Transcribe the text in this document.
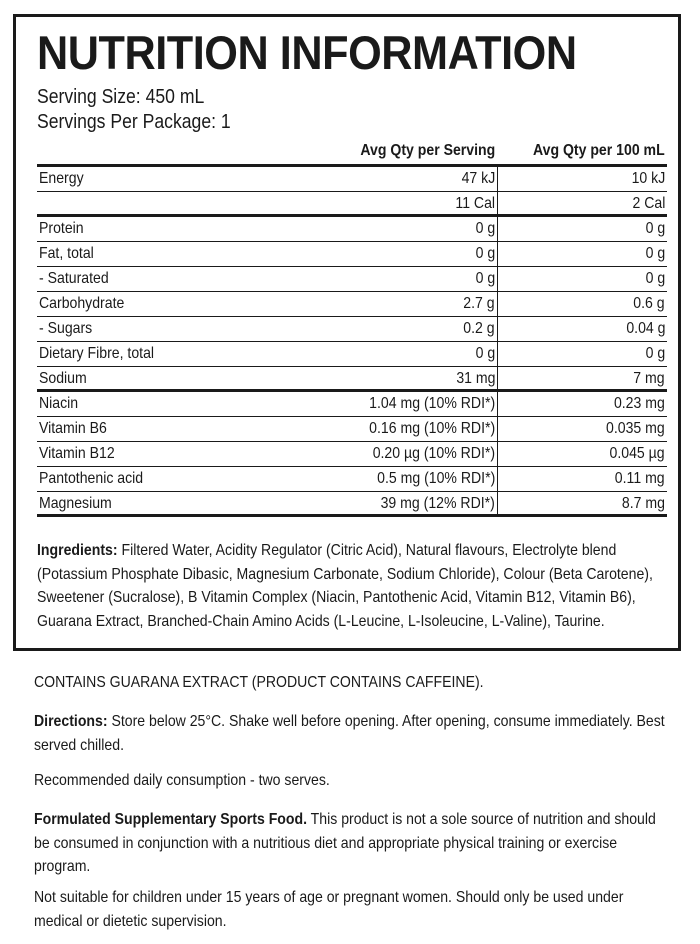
NUTRITION INFORMATION
Serving Size: 450 mL
Servings Per Package: 1
Avg Qty per Serving Avg Qty per 100 mL
Energy	47 kJ	10 kJ
11 Cal	2 Cal
Protein	0 g	0 g
Fat, total	0 g	0 g
- Saturated	0 g	0 g
Carbohydrate	2.7 g	0.6 g
- Sugars	0.2 g	0.04 g
Dietary Fibre, total	0 g	0 g
Sodium	31 mg	7 mg
Niacin	1.04 mg (10% RDI*)	0.23 mg
Vitamin B6	0.16 mg (10% RDI*)	0.035 mg
Vitamin B12	0.20 µg (10% RDI*)	0.045 µg
Pantothenic acid	0.5 mg (10% RDI*)	0.11 mg
Magnesium	39 mg (12% RDI*)	8.7 mg
Ingredients: Filtered Water, Acidity Regulator (Citric Acid), Natural flavours, Electrolyte blend (Potassium Phosphate Dibasic, Magnesium Carbonate, Sodium Chloride), Colour (Beta Carotene), Sweetener (Sucralose), B Vitamin Complex (Niacin, Pantothenic Acid, Vitamin B12, Vitamin B6), Guarana Extract, Branched-Chain Amino Acids (L-Leucine, L-Isoleucine, L-Valine), Taurine.
CONTAINS GUARANA EXTRACT (PRODUCT CONTAINS CAFFEINE).
Directions: Store below 25°C. Shake well before opening. After opening, consume immediately. Best served chilled.
Recommended daily consumption - two serves.
Formulated Supplementary Sports Food. This product is not a sole source of nutrition and should be consumed in conjunction with a nutritious diet and appropriate physical training or exercise program.
Not suitable for children under 15 years of age or pregnant women. Should only be used under medical or dietetic supervision.
